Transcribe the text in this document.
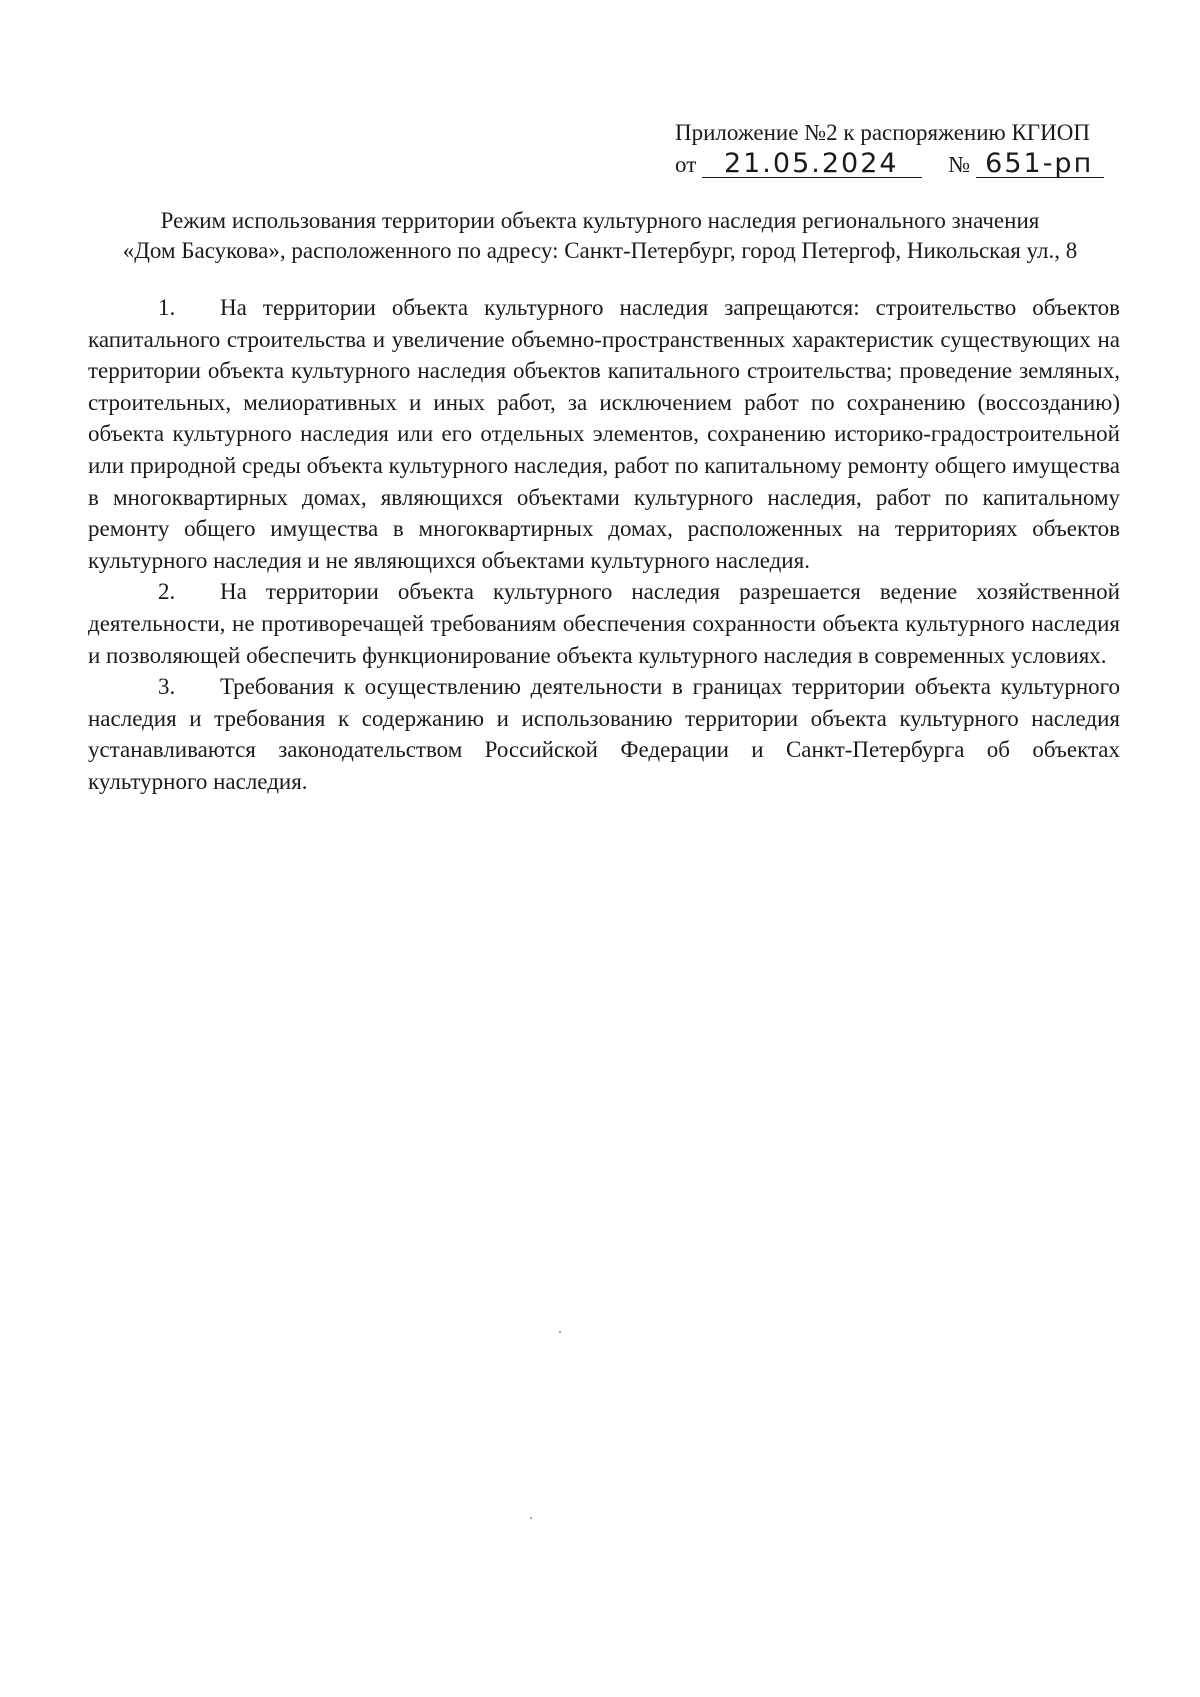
Приложение №2 к распоряжению КГИОП
от 21.05.2024 № 651-рп
Режим использования территории объекта культурного наследия регионального значения
«Дом Басукова», расположенного по адресу: Санкт-Петербург, город Петергоф, Никольская ул., 8

1. На территории объекта культурного наследия запрещаются: строительство объектов капитального строительства и увеличение объемно-пространственных характеристик существующих на территории объекта культурного наследия объектов капитального строительства; проведение земляных, строительных, мелиоративных и иных работ, за исключением работ по сохранению (воссозданию) объекта культурного наследия или его отдельных элементов, сохранению историко-градостроительной или природной среды объекта культурного наследия, работ по капитальному ремонту общего имущества в многоквартирных домах, являющихся объектами культурного наследия, работ по капитальному ремонту общего имущества в многоквартирных домах, расположенных на территориях объектов культурного наследия и не являющихся объектами культурного наследия.

2. На территории объекта культурного наследия разрешается ведение хозяйственной деятельности, не противоречащей требованиям обеспечения сохранности объекта культурного наследия и позволяющей обеспечить функционирование объекта культурного наследия в современных условиях.

3. Требования к осуществлению деятельности в границах территории объекта культурного наследия и требования к содержанию и использованию территории объекта культурного наследия устанавливаются законодательством Российской Федерации и Санкт-Петербурга об объектах культурного наследия.
